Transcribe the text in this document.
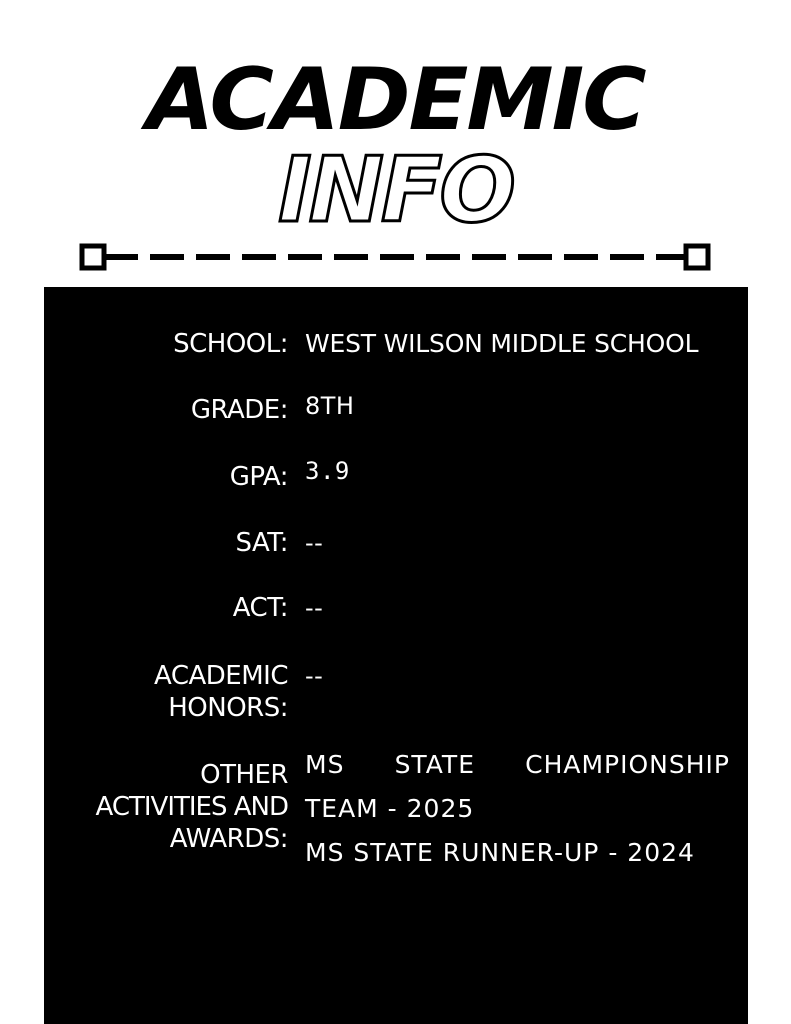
ACADEMIC
INFO
SCHOOL: WEST WILSON MIDDLE SCHOOL
GRADE: 8TH
GPA: 3.9
SAT: --
ACT: --
ACADEMIC
HONORS:
--
OTHER
ACTIVITIES AND
AWARDS:
MS STATE CHAMPIONSHIP
TEAM - 2025
MS STATE RUNNER-UP - 2024
